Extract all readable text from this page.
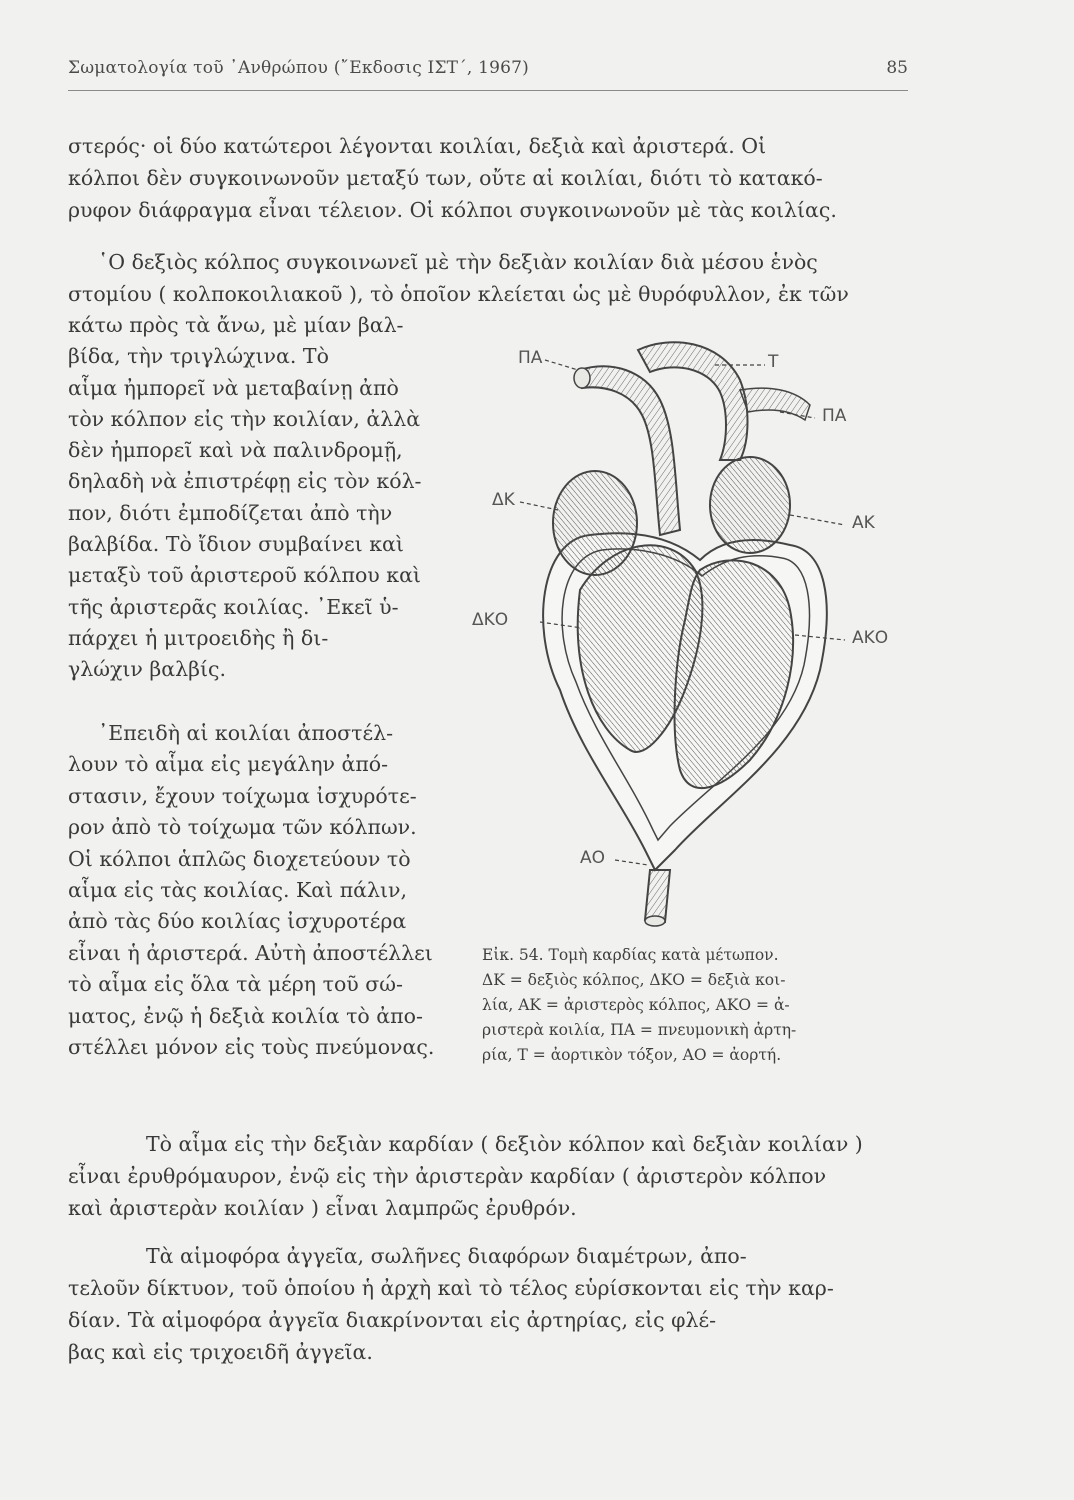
Σωματολογία τοῦ ᾿Ανθρώπου (῎Εκδοσις ΙΣΤ΄, 1967)	85
στερός· οἱ δύο κατώτεροι λέγονται κοιλίαι, δεξιὰ καὶ ἀριστερά. Οἱ
κόλποι δὲν συγκοινωνοῦν μεταξύ των, οὔτε αἱ κοιλίαι, διότι τὸ κατακό-
ρυφον διάφραγμα εἶναι τέλειον. Οἱ κόλποι συγκοινωνοῦν μὲ τὰς κοιλίας.
῾Ο δεξιὸς κόλπος συγκοινωνεῖ μὲ τὴν δεξιὰν κοιλίαν διὰ μέσου ἑνὸς
στομίου ( κολποκοιλιακοῦ ), τὸ ὁποῖον κλείεται ὡς μὲ θυρόφυλλον, ἐκ τῶν
κάτω πρὸς τὰ ἄνω, μὲ μίαν βαλ-
βίδα, τὴν τριγλώχινα. Τὸ
αἷμα ἠμπορεῖ νὰ μεταβαίνῃ ἀπὸ
τὸν κόλπον εἰς τὴν κοιλίαν, ἀλλὰ
δὲν ἠμπορεῖ καὶ νὰ παλινδρομῇ,
δηλαδὴ νὰ ἐπιστρέφῃ εἰς τὸν κόλ-
πον, διότι ἐμποδίζεται ἀπὸ τὴν
βαλβίδα. Τὸ ἴδιον συμβαίνει καὶ
μεταξὺ τοῦ ἀριστεροῦ κόλπου καὶ
τῆς ἀριστερᾶς κοιλίας. ᾿Εκεῖ ὑ-
πάρχει ἡ μιτροειδὴς ἢ δι-
γλώχιν βαλβίς.
᾿Επειδὴ αἱ κοιλίαι ἀποστέλ-
λουν τὸ αἷμα εἰς μεγάλην ἀπό-
στασιν, ἔχουν τοίχωμα ἰσχυρότε-
ρον ἀπὸ τὸ τοίχωμα τῶν κόλπων.
Οἱ κόλποι ἁπλῶς διοχετεύουν τὸ
αἷμα εἰς τὰς κοιλίας. Καὶ πάλιν,
ἀπὸ τὰς δύο κοιλίας ἰσχυροτέρα
εἶναι ἡ ἀριστερά. Αὐτὴ ἀποστέλλει
τὸ αἷμα εἰς ὅλα τὰ μέρη τοῦ σώ-
ματος, ἐνῷ ἡ δεξιὰ κοιλία τὸ ἀπο-
στέλλει μόνον εἰς τοὺς πνεύμονας.
Τὸ αἷμα εἰς τὴν δεξιὰν καρδίαν ( δεξιὸν κόλπον καὶ δεξιὰν κοιλίαν )
εἶναι ἐρυθρόμαυρον, ἐνῷ εἰς τὴν ἀριστερὰν καρδίαν ( ἀριστερὸν κόλπον
καὶ ἀριστερὰν κοιλίαν ) εἶναι λαμπρῶς ἐρυθρόν.
Τὰ αἱμοφόρα ἀγγεῖα, σωλῆνες διαφόρων διαμέτρων, ἀπο-
τελοῦν δίκτυον, τοῦ ὁποίου ἡ ἀρχὴ καὶ τὸ τέλος εὑρίσκονται εἰς τὴν καρ-
δίαν. Τὰ αἱμοφόρα ἀγγεῖα διακρίνονται εἰς ἀρτηρίας, εἰς φλέ-
βας καὶ εἰς τριχοειδῆ ἀγγεῖα.
ΠΑ	Τ
ΠΑ
ΔΚ
ΑΚ
ΔΚΟ
ΑΚΟ
ΑΟ
Εἰκ. 54. Τομὴ καρδίας κατὰ μέτωπον.
ΔΚ = δεξιὸς κόλπος, ΔΚΟ = δεξιὰ κοι-
λία, ΑΚ = ἀριστερὸς κόλπος, ΑΚΟ = ἀ-
ριστερὰ κοιλία, ΠΑ = πνευμονικὴ ἀρτη-
ρία, Τ = ἀορτικὸν τόξον, ΑΟ = ἀορτή.
